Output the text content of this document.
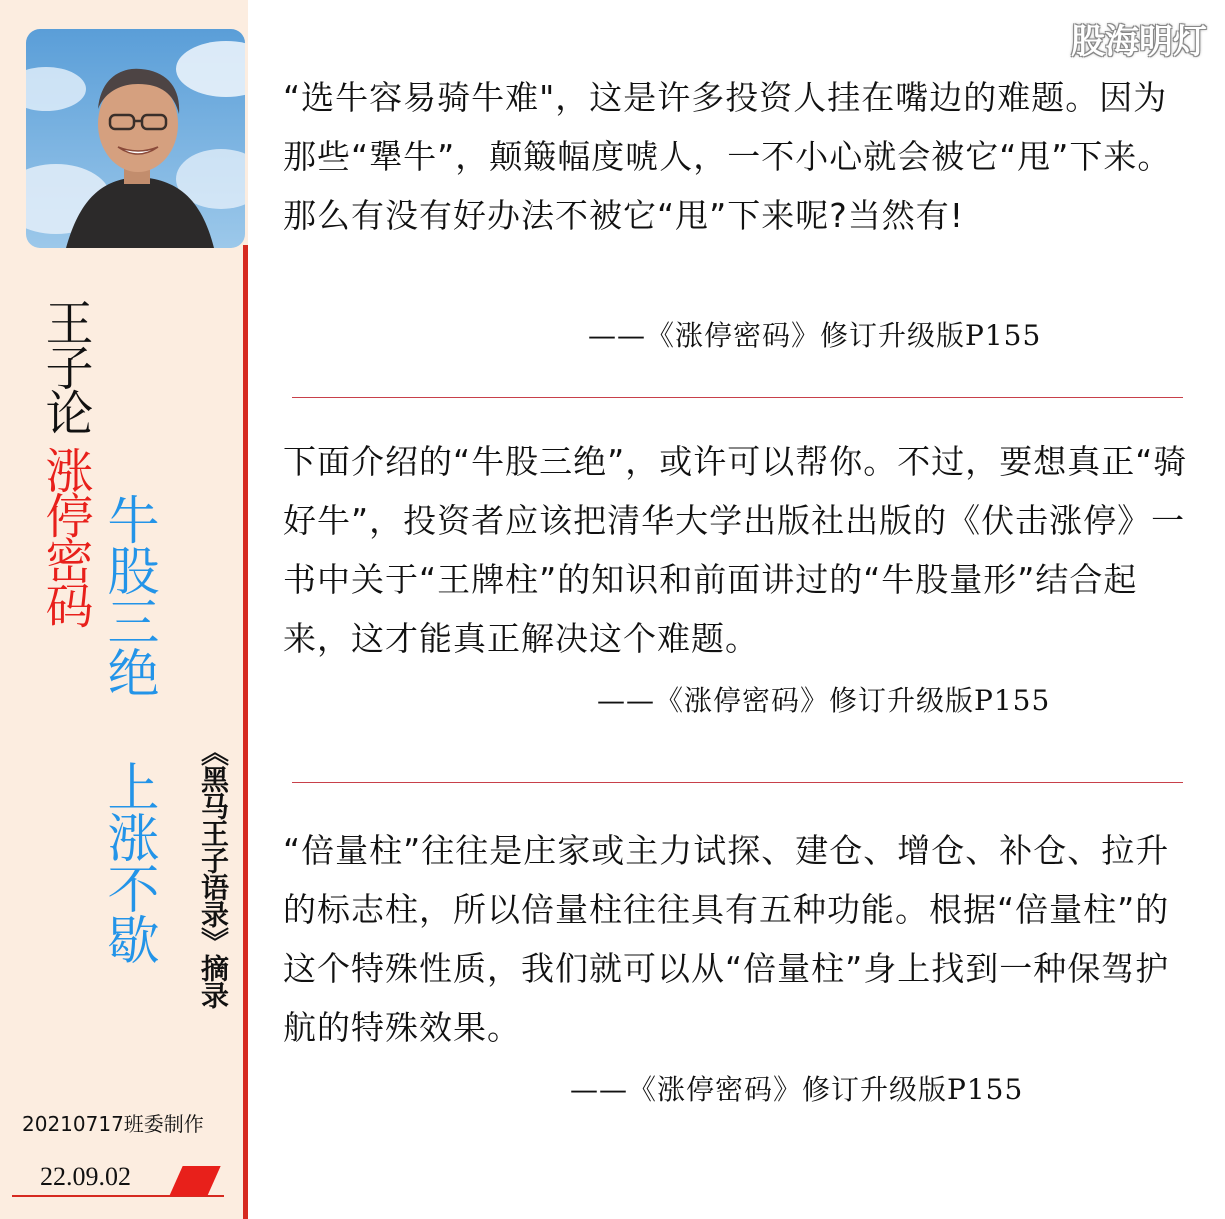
王子论
涨停密码 牛股三绝
上涨不歇 《黑马王子语录》摘录
20210717班委制作
22.09.02
股海明灯

“选牛容易骑牛难"，这是许多投资人挂在嘴边的难题。因为那些“犟牛”，颠簸幅度唬人，一不小心就会被它“甩”下来。那么有没有好办法不被它“甩”下来呢?当然有!

——《涨停密码》修订升级版P155

下面介绍的“牛股三绝”，或许可以帮你。不过，要想真正“骑好牛”，投资者应该把清华大学出版社出版的《伏击涨停》一书中关于“王牌柱”的知识和前面讲过的“牛股量形”结合起来，这才能真正解决这个难题。

——《涨停密码》修订升级版P155

“倍量柱”往往是庄家或主力试探、建仓、增仓、补仓、拉升的标志柱，所以倍量柱往往具有五种功能。根据“倍量柱”的这个特殊性质，我们就可以从“倍量柱”身上找到一种保驾护航的特殊效果。

——《涨停密码》修订升级版P155
